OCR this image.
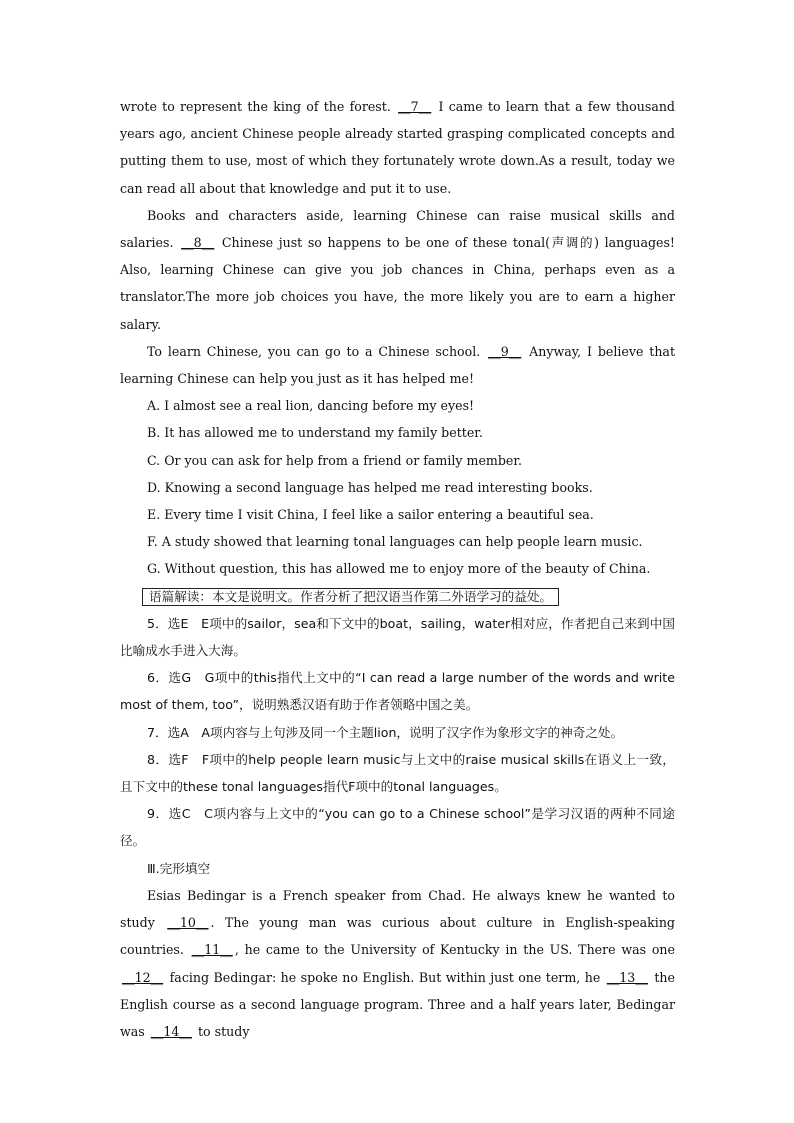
wrote to represent the king of the forest. __7__ I came to learn that a few thousand years ago, ancient Chinese people already started grasping complicated concepts and putting them to use, most of which they fortunately wrote down.As a result, today we can read all about that knowledge and put it to use.

Books and characters aside, learning Chinese can raise musical skills and salaries. __8__ Chinese just so happens to be one of these tonal(声调的) languages! Also, learning Chinese can give you job chances in China, perhaps even as a translator.The more job choices you have, the more likely you are to earn a higher salary.

To learn Chinese, you can go to a Chinese school. __9__ Anyway, I believe that learning Chinese can help you just as it has helped me!

A. I almost see a real lion, dancing before my eyes!

B. It has allowed me to understand my family better.

C. Or you can ask for help from a friend or family member.

D. Knowing a second language has helped me read interesting books.

E. Every time I visit China, I feel like a sailor entering a beautiful sea.

F. A study showed that learning tonal languages can help people learn music.

G. Without question, this has allowed me to enjoy more of the beauty of China.

语篇解读：本文是说明文。作者分析了把汉语当作第二外语学习的益处。

5．选E　E项中的sailor，sea和下文中的boat，sailing，water相对应，作者把自己来到中国比喻成水手进入大海。

6．选G　G项中的this指代上文中的“I can read a large number of the words and write most of them, too”，说明熟悉汉语有助于作者领略中国之美。

7．选A　A项内容与上句涉及同一个主题lion，说明了汉字作为象形文字的神奇之处。

8．选F　F项中的help people learn music与上文中的raise musical skills在语义上一致，且下文中的these tonal languages指代F项中的tonal languages。

9．选C　C项内容与上文中的“you can go to a Chinese school”是学习汉语的两种不同途径。

Ⅲ.完形填空

Esias Bedingar is a French speaker from Chad. He always knew he wanted to study __10__ . The young man was curious about culture in English-speaking countries. __11__ , he came to the University of Kentucky in the US. There was one __12__ facing Bedingar: he spoke no English. But within just one term, he __13__ the English course as a second language program. Three and a half years later, Bedingar was __14__ to study
